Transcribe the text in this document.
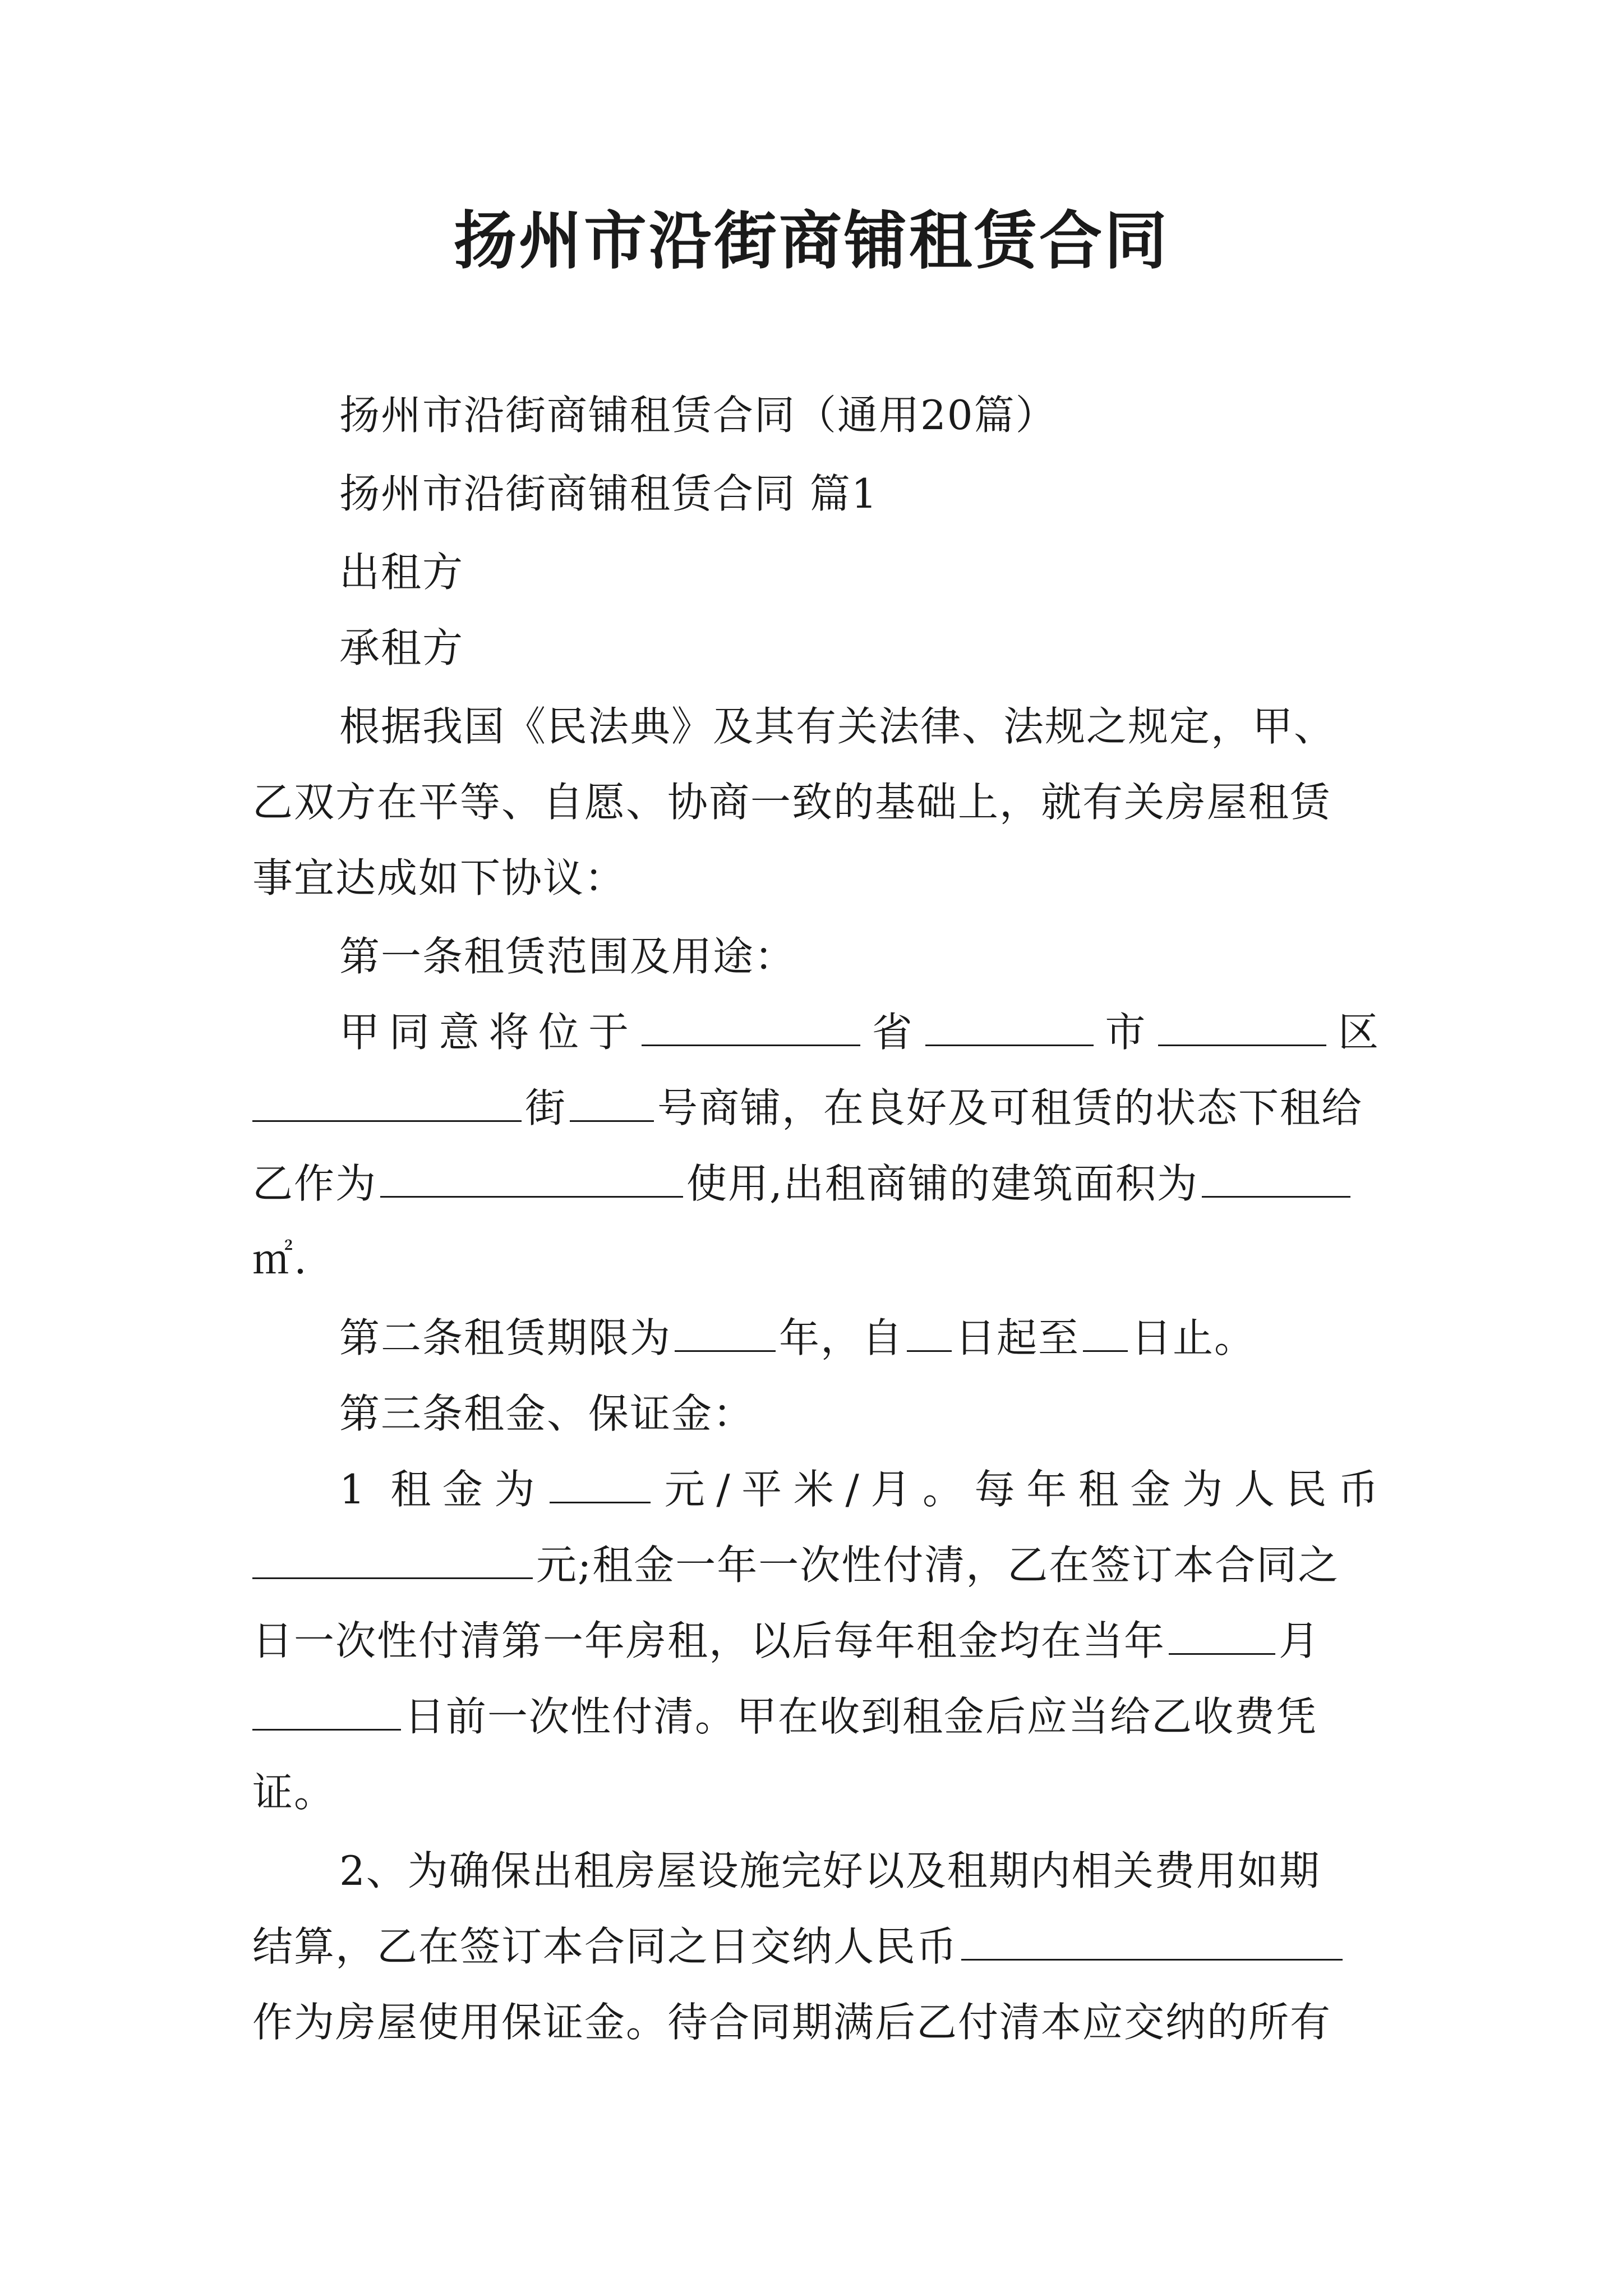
扬州市沿街商铺租赁合同
扬州市沿街商铺租赁合同（通用20篇）
扬州市沿街商铺租赁合同 篇1
出租方
承租方
根据我国《民法典》及其有关法律、法规之规定，甲、
乙双方在平等、自愿、协商一致的基础上，就有关房屋租赁
事宜达成如下协议：
第一条租赁范围及用途：
甲同意将位于	省	市	区
街 号商铺，在良好及可租赁的状态下租给
乙作为	使用,出租商铺的建筑面积为
㎡.
第二条租赁期限为	年，自 日起至 日止。
第三条租金、保证金：
1 租金为	元/平米/月。每年租金为人民币
元;租金一年一次性付清，乙在签订本合同之
日一次性付清第一年房租，以后每年租金均在当年	月
日前一次性付清。甲在收到租金后应当给乙收费凭
证。
2、为确保出租房屋设施完好以及租期内相关费用如期
结算，乙在签订本合同之日交纳人民币
作为房屋使用保证金。待合同期满后乙付清本应交纳的所有
